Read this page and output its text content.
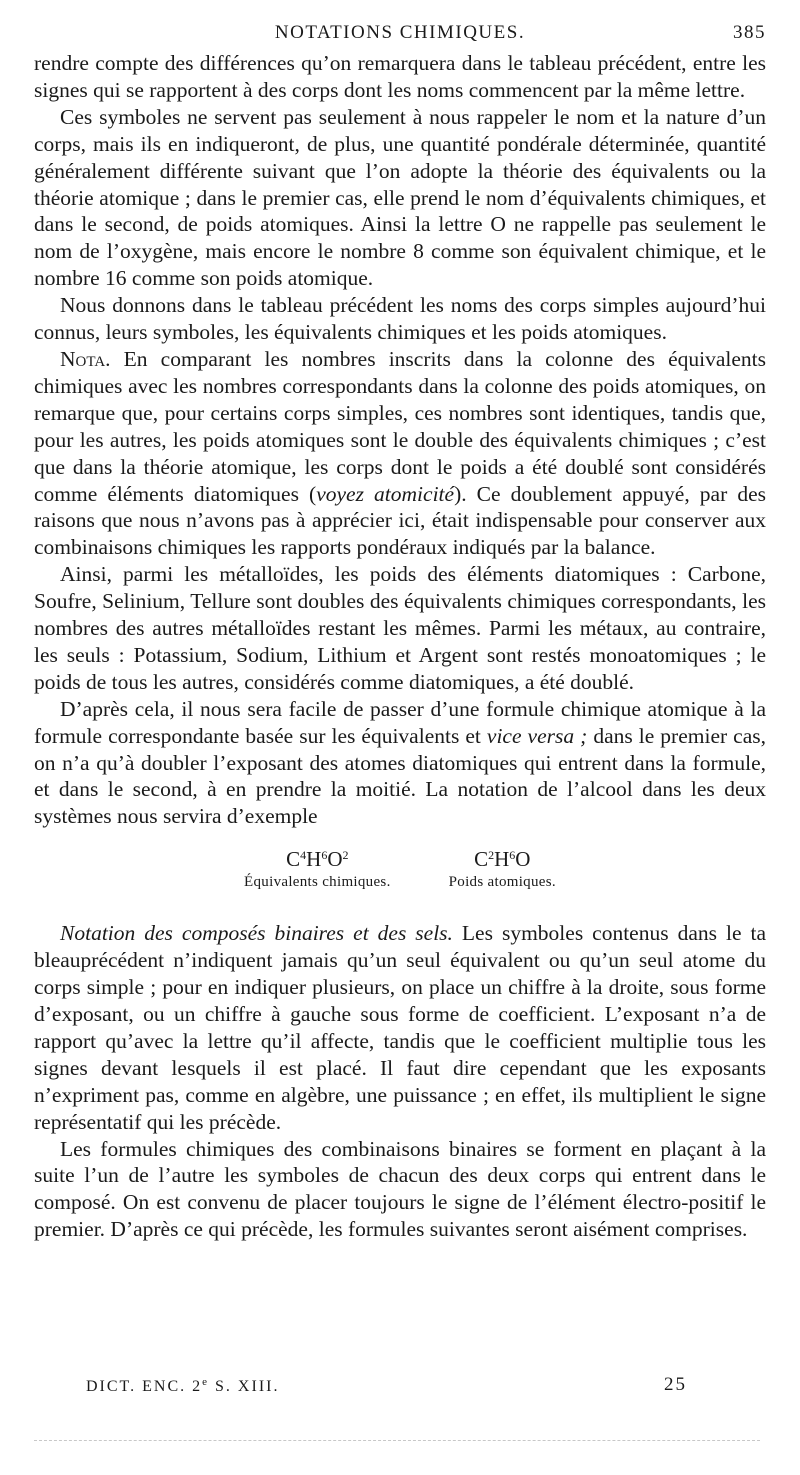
NOTATIONS CHIMIQUES.	385

rendre compte des différences qu’on remarquera dans le tableau précédent, entre les signes qui se rapportent à des corps dont les noms commencent par la même lettre.

Ces symboles ne servent pas seulement à nous rappeler le nom et la nature d’un corps, mais ils en indiqueront, de plus, une quantité pondérale déterminée, quantité généralement différente suivant que l’on adopte la théorie des équivalents ou la théorie atomique ; dans le premier cas, elle prend le nom d’équivalents chimiques, et dans le second, de poids atomiques. Ainsi la lettre O ne rappelle pas seulement le nom de l’oxygène, mais encore le nombre 8 comme son équivalent chimique, et le nombre 16 comme son poids atomique.

Nous donnons dans le tableau précédent les noms des corps simples aujourd’hui connus, leurs symboles, les équivalents chimiques et les poids atomiques.

Nota. En comparant les nombres inscrits dans la colonne des équivalents chimiques avec les nombres correspondants dans la colonne des poids atomiques, on remarque que, pour certains corps simples, ces nombres sont identiques, tandis que, pour les autres, les poids atomiques sont le double des équivalents chimiques ; c’est que dans la théorie atomique, les corps dont le poids a été doublé sont considérés comme éléments diatomiques (voyez atomicité). Ce doublement appuyé, par des raisons que nous n’avons pas à apprécier ici, était indispensable pour conserver aux combinaisons chimiques les rapports pondéraux indiqués par la balance.

Ainsi, parmi les métalloïdes, les poids des éléments diatomiques : Carbone, Soufre, Selinium, Tellure sont doubles des équivalents chimiques correspondants, les nombres des autres métalloïdes restant les mêmes. Parmi les métaux, au contraire, les seuls : Potassium, Sodium, Lithium et Argent sont restés monoatomiques ; le poids de tous les autres, considérés comme diatomiques, a été doublé.

D’après cela, il nous sera facile de passer d’une formule chimique atomique à la formule correspondante basée sur les équivalents et vice versa ; dans le premier cas, on n’a qu’à doubler l’exposant des atomes diatomiques qui entrent dans la formule, et dans le second, à en prendre la moitié. La notation de l’alcool dans les deux systèmes nous servira d’exemple

$C^4H^6O^2$
Équivalents chimiques.
$C^2H^6O$
Poids atomiques.

Notation des composés binaires et des sels. Les symboles contenus dans le ta bleauprécédent n’indiquent jamais qu’un seul équivalent ou qu’un seul atome du corps simple ; pour en indiquer plusieurs, on place un chiffre à la droite, sous forme d’exposant, ou un chiffre à gauche sous forme de coefficient. L’exposant n’a de rapport qu’avec la lettre qu’il affecte, tandis que le coefficient multiplie tous les signes devant lesquels il est placé. Il faut dire cependant que les exposants n’expriment pas, comme en algèbre, une puissance ; en effet, ils multiplient le signe représentatif qui les précède.

Les formules chimiques des combinaisons binaires se forment en plaçant à la suite l’un de l’autre les symboles de chacun des deux corps qui entrent dans le composé. On est convenu de placer toujours le signe de l’élément électro-positif le premier. D’après ce qui précède, les formules suivantes seront aisément comprises.

DICT. ENC. 2e S. XIII.	25
